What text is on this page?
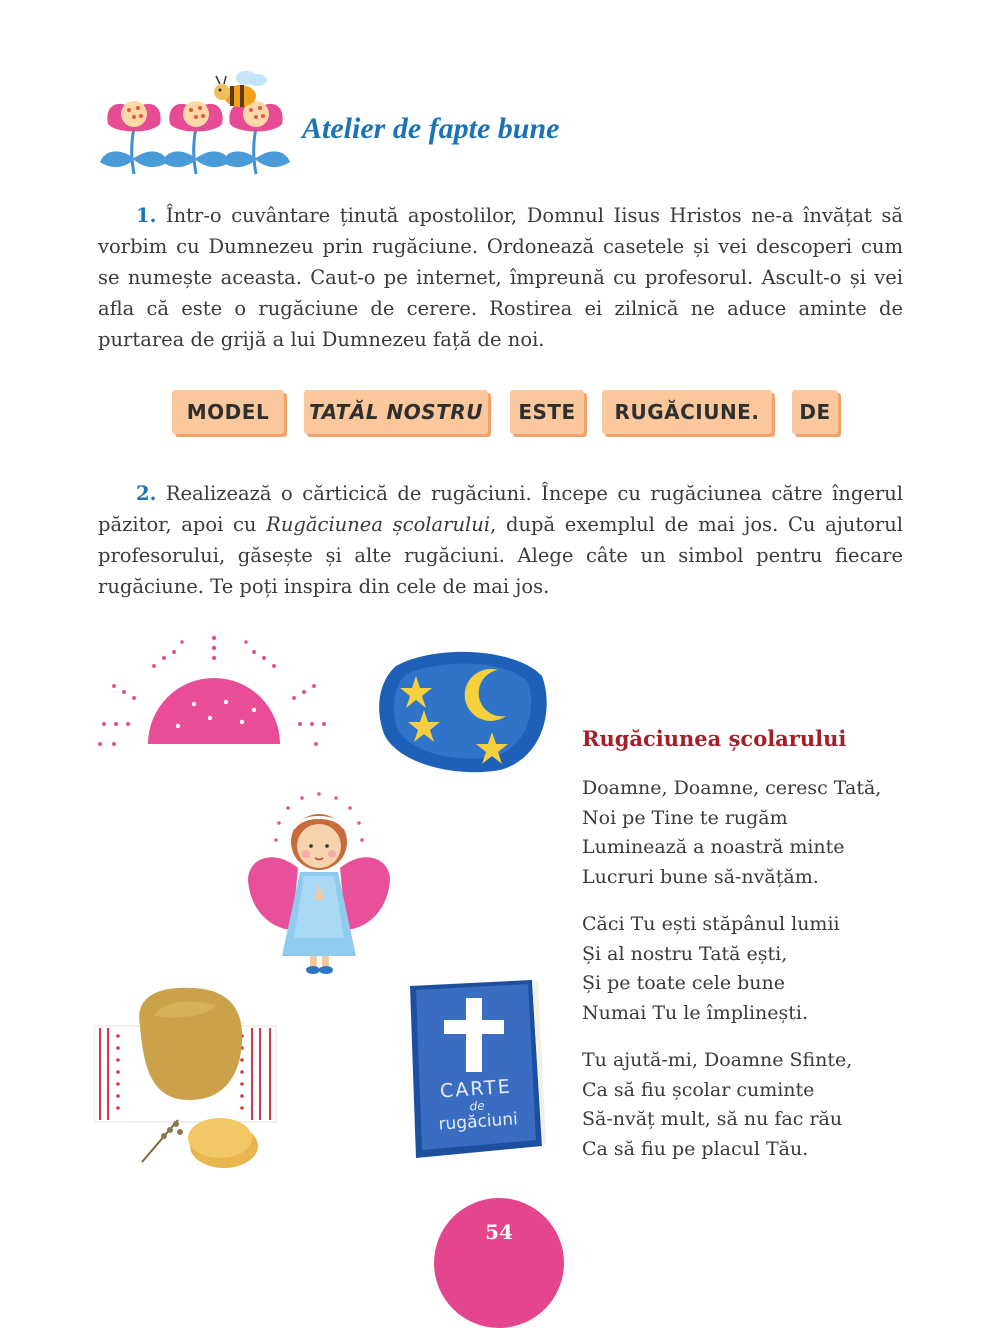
Atelier de fapte bune
1. Într-o cuvântare ținută apostolilor, Domnul Iisus Hristos ne-a învățat să vorbim cu Dumnezeu prin rugăciune. Ordonează casetele și vei descoperi cum se numește aceasta. Caut-o pe internet, împreună cu profesorul. Ascult-o și vei afla că este o rugăciune de cerere. Rostirea ei zilnică ne aduce aminte de purtarea de grijă a lui Dumnezeu față de noi.
MODEL	TATĂL NOSTRU	ESTE	RUGĂCIUNE.	DE
2. Realizează o cărticică de rugăciuni. Începe cu rugăciunea către îngerul păzitor, apoi cu Rugăciunea școlarului, după exemplul de mai jos. Cu ajutorul profesorului, găsește și alte rugăciuni. Alege câte un simbol pentru fiecare rugăciune. Te poți inspira din cele de mai jos.
CARTE
de
rugăciuni
Rugăciunea școlarului
Doamne, Doamne, ceresc Tată,
Noi pe Tine te rugăm
Luminează a noastră minte
Lucruri bune să-nvățăm.
Căci Tu ești stăpânul lumii
Și al nostru Tată ești,
Și pe toate cele bune
Numai Tu le împlinești.
Tu ajută-mi, Doamne Sfinte,
Ca să fiu școlar cuminte
Să-nvăț mult, să nu fac rău
Ca să fiu pe placul Tău.
54
